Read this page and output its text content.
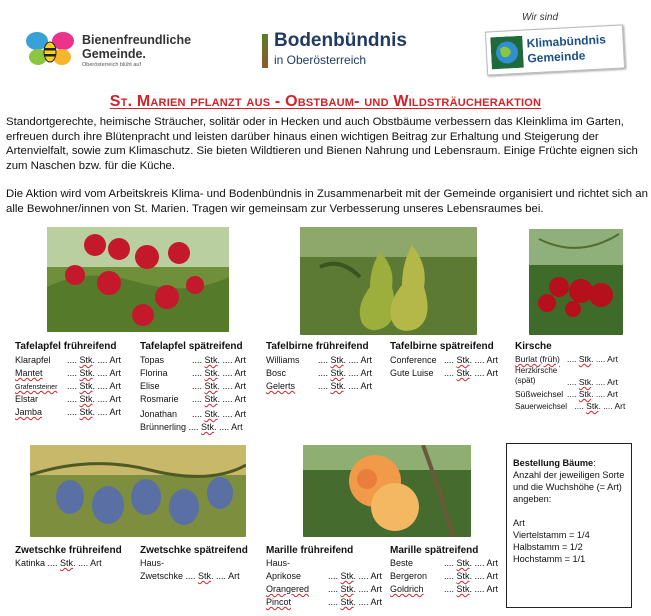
Bienenfreundliche
Gemeinde.
Oberösterreich blüht auf
Bodenbündnis
in Oberösterreich
Wir sind
Klimabündnis
Gemeinde
St. Marien pflanzt aus - Obstbaum- und Wildsträucheraktion
Standortgerechte, heimische Sträucher, solitär oder in Hecken und auch Obstbäume verbessern das Kleinklima im Garten, erfreuen durch ihre Blütenpracht und leisten darüber hinaus einen wichtigen Beitrag zur Erhaltung und Steigerung der Artenvielfalt, sowie zum Klimaschutz. Sie bieten Wildtieren und Bienen Nahrung und Lebensraum. Einige Früchte eignen sich zum Naschen bzw. für die Küche.
Die Aktion wird vom Arbeitskreis Klima- und Bodenbündnis in Zusammenarbeit mit der Gemeinde organisiert und richtet sich an alle Bewohner/innen von St. Marien. Tragen wir gemeinsam zur Verbesserung unseres Lebensraumes bei.
Tafelapfel frühreifend
Klarapfel .... Stk. .... Art
Mantet	.... Stk. .... Art
Grafensteiner .... Stk. .... Art
Elstar	.... Stk. .... Art
Jamba	.... Stk. .... Art
Tafelapfel spätreifend
Topas	.... Stk. .... Art
Florina	.... Stk. .... Art
Elise	.... Stk. .... Art
Rosmarie .... Stk. .... Art
Jonathan .... Stk. .... Art
Brünnerling .... Stk. .... Art
Tafelbirne frühreifend
Williams .... Stk. .... Art
Bosc	.... Stk. .... Art
Gelerts	.... Stk. .... Art
Tafelbirne spätreifend
Conference .... Stk. .... Art
Gute Luise .... Stk. .... Art
Kirsche
Burlat (früh) .... Stk. .... Art
Herzkirsche (spät)	.... Stk. .... Art
Süßweichsel .... Stk. .... Art
Sauerweichsel .... Stk. .... Art
Zwetschke frühreifend
Katinka .... Stk. .... Art
Zwetschke spätreifend
Haus-
Zwetschke .... Stk. .... Art
Marille frühreifend
Haus-
Aprikose	.... Stk. .... Art
Orangered .... Stk. .... Art
Pincot	.... Stk. .... Art
Marille spätreifend
Beste	.... Stk. .... Art
Bergeron .... Stk. .... Art
Goldrich .... Stk. .... Art
Bestellung Bäume:
Anzahl der jeweiligen Sorte und die Wuchshöhe (= Art) angeben:
Art
Viertelstamm = 1/4
Halbstamm = 1/2
Hochstamm = 1/1
